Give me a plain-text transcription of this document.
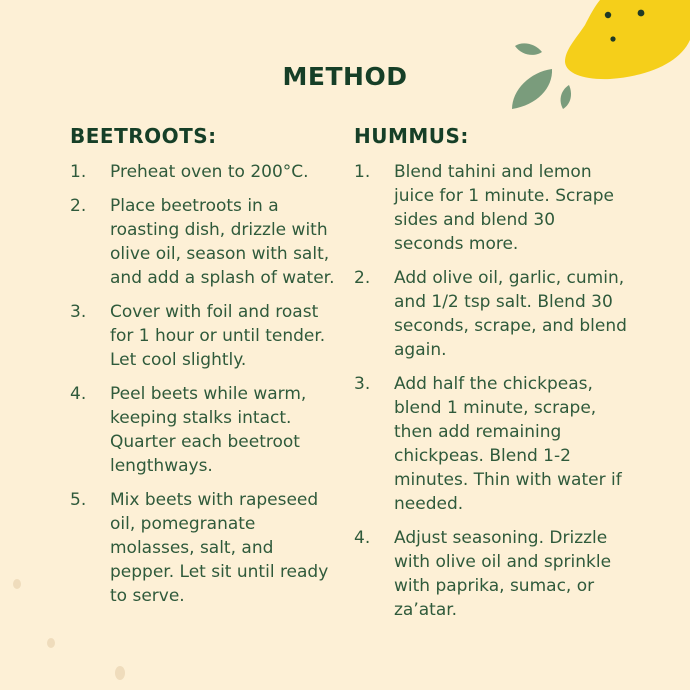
METHOD
BEETROOTS:
1.	Preheat oven to 200°C.
2.	Place beetroots in a roasting dish, drizzle with olive oil, season with salt, and add a splash of water.
3.	Cover with foil and roast for 1 hour or until tender. Let cool slightly.
4.	Peel beets while warm, keeping stalks intact. Quarter each beetroot lengthways.
5.	Mix beets with rapeseed oil, pomegranate molasses, salt, and pepper. Let sit until ready to serve.
HUMMUS:
1.	Blend tahini and lemon juice for 1 minute. Scrape sides and blend 30 seconds more.
2.	Add olive oil, garlic, cumin, and 1/2 tsp salt. Blend 30 seconds, scrape, and blend again.
3.	Add half the chickpeas, blend 1 minute, scrape, then add remaining chickpeas. Blend 1-2 minutes. Thin with water if needed.
4.	Adjust seasoning. Drizzle with olive oil and sprinkle with paprika, sumac, or za’atar.
